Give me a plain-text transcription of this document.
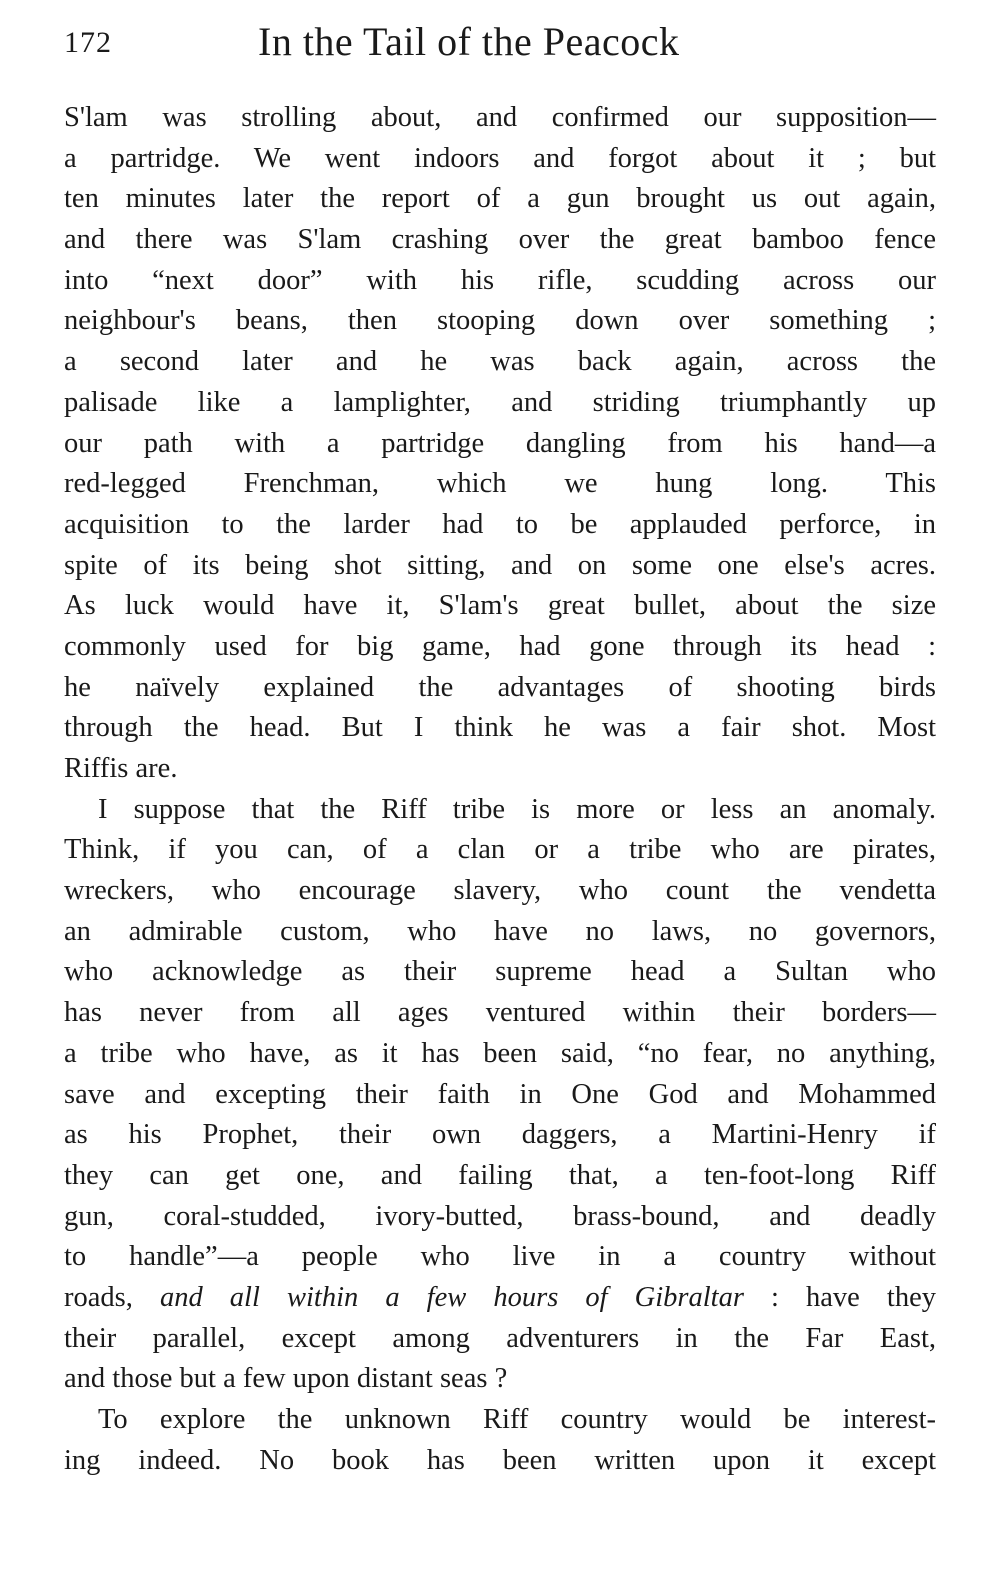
172	In the Tail of the Peacock
S'lam was strolling about, and confirmed our supposition—
a partridge. We went indoors and forgot about it ; but
ten minutes later the report of a gun brought us out again,
and there was S'lam crashing over the great bamboo fence
into “next door” with his rifle, scudding across our
neighbour's beans, then stooping down over something ;
a second later and he was back again, across the
palisade like a lamplighter, and striding triumphantly up
our path with a partridge dangling from his hand—a
red-legged Frenchman, which we hung long. This
acquisition to the larder had to be applauded perforce, in
spite of its being shot sitting, and on some one else's acres.
As luck would have it, S'lam's great bullet, about the size
commonly used for big game, had gone through its head :
he naïvely explained the advantages of shooting birds
through the head. But I think he was a fair shot. Most
Riffis are.
I suppose that the Riff tribe is more or less an anomaly.
Think, if you can, of a clan or a tribe who are pirates,
wreckers, who encourage slavery, who count the vendetta
an admirable custom, who have no laws, no governors,
who acknowledge as their supreme head a Sultan who
has never from all ages ventured within their borders—
a tribe who have, as it has been said, “no fear, no anything,
save and excepting their faith in One God and Mohammed
as his Prophet, their own daggers, a Martini-Henry if
they can get one, and failing that, a ten-foot-long Riff
gun, coral-studded, ivory-butted, brass-bound, and deadly
to handle”—a people who live in a country without
roads, and all within a few hours of Gibraltar : have they
their parallel, except among adventurers in the Far East,
and those but a few upon distant seas ?
To explore the unknown Riff country would be interest-
ing indeed. No book has been written upon it except
